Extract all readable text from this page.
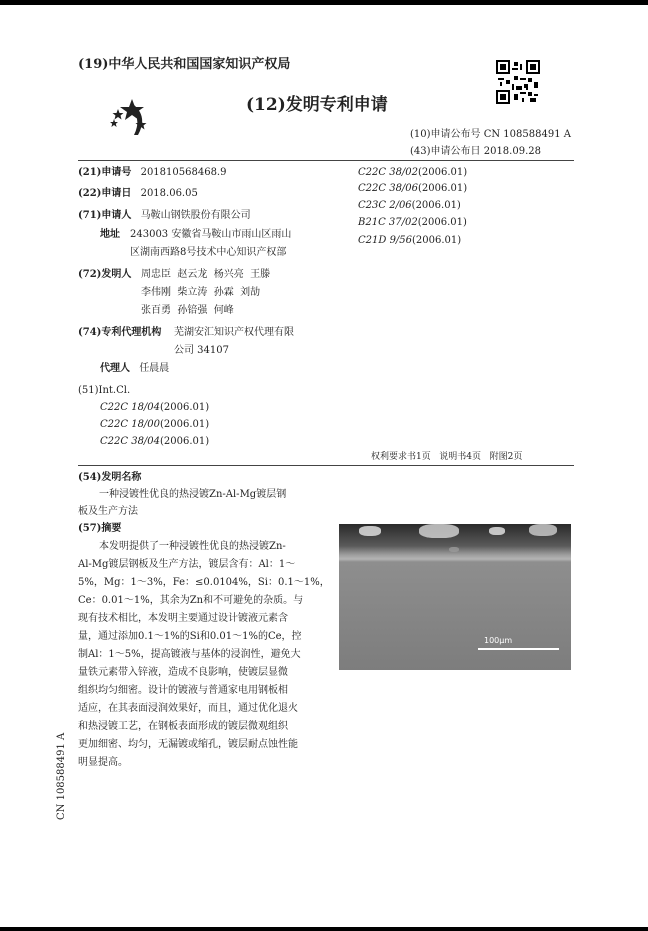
(19)中华人民共和国国家知识产权局
(12)发明专利申请
(10)申请公布号 CN 108588491 A
(43)申请公布日 2018.09.28
(21)申请号 201810568468.9
(22)申请日 2018.06.05
(71)申请人 马鞍山钢铁股份有限公司
地址 243003 安徽省马鞍山市雨山区雨山
区湖南西路8号技术中心知识产权部
(72)发明人 周忠臣  赵云龙  杨兴亮  王滕
李伟刚  柴立涛  孙霖  刘劼
张百勇  孙锫强  何峰
(74)专利代理机构 芜湖安汇知识产权代理有限
公司 34107
代理人 任晨晨
(51)Int.Cl.
C22C 18/04(2006.01)
C22C 18/00(2006.01)
C22C 38/04(2006.01)
C22C 38/02(2006.01)
C22C 38/06(2006.01)
C23C 2/06(2006.01)
B21C 37/02(2006.01)
C21D 9/56(2006.01)
权利要求书1页   说明书4页   附图2页
(54)发明名称
一种浸镀性优良的热浸镀Zn-Al-Mg镀层钢
板及生产方法
(57)摘要
本发明提供了一种浸镀性优良的热浸镀Zn-
Al-Mg镀层钢板及生产方法，镀层含有：Al：1～
5%，Mg：1～3%，Fe：≤0.0104%，Si：0.1～1%，
Ce：0.01～1%，其余为Zn和不可避免的杂质。与
现有技术相比，本发明主要通过设计镀液元素含
量，通过添加0.1～1%的Si和0.01～1%的Ce，控
制Al：1～5%，提高镀液与基体的浸润性，避免大
量铁元素带入锌液，造成不良影响，使镀层显微
组织均匀细密。设计的镀液与普通家电用钢板相
适应，在其表面浸润效果好，而且，通过优化退火
和热浸镀工艺，在钢板表面形成的镀层微观组织
更加细密、均匀，无漏镀或缩孔，镀层耐点蚀性能
明显提高。
100μm
CN 108588491 A
